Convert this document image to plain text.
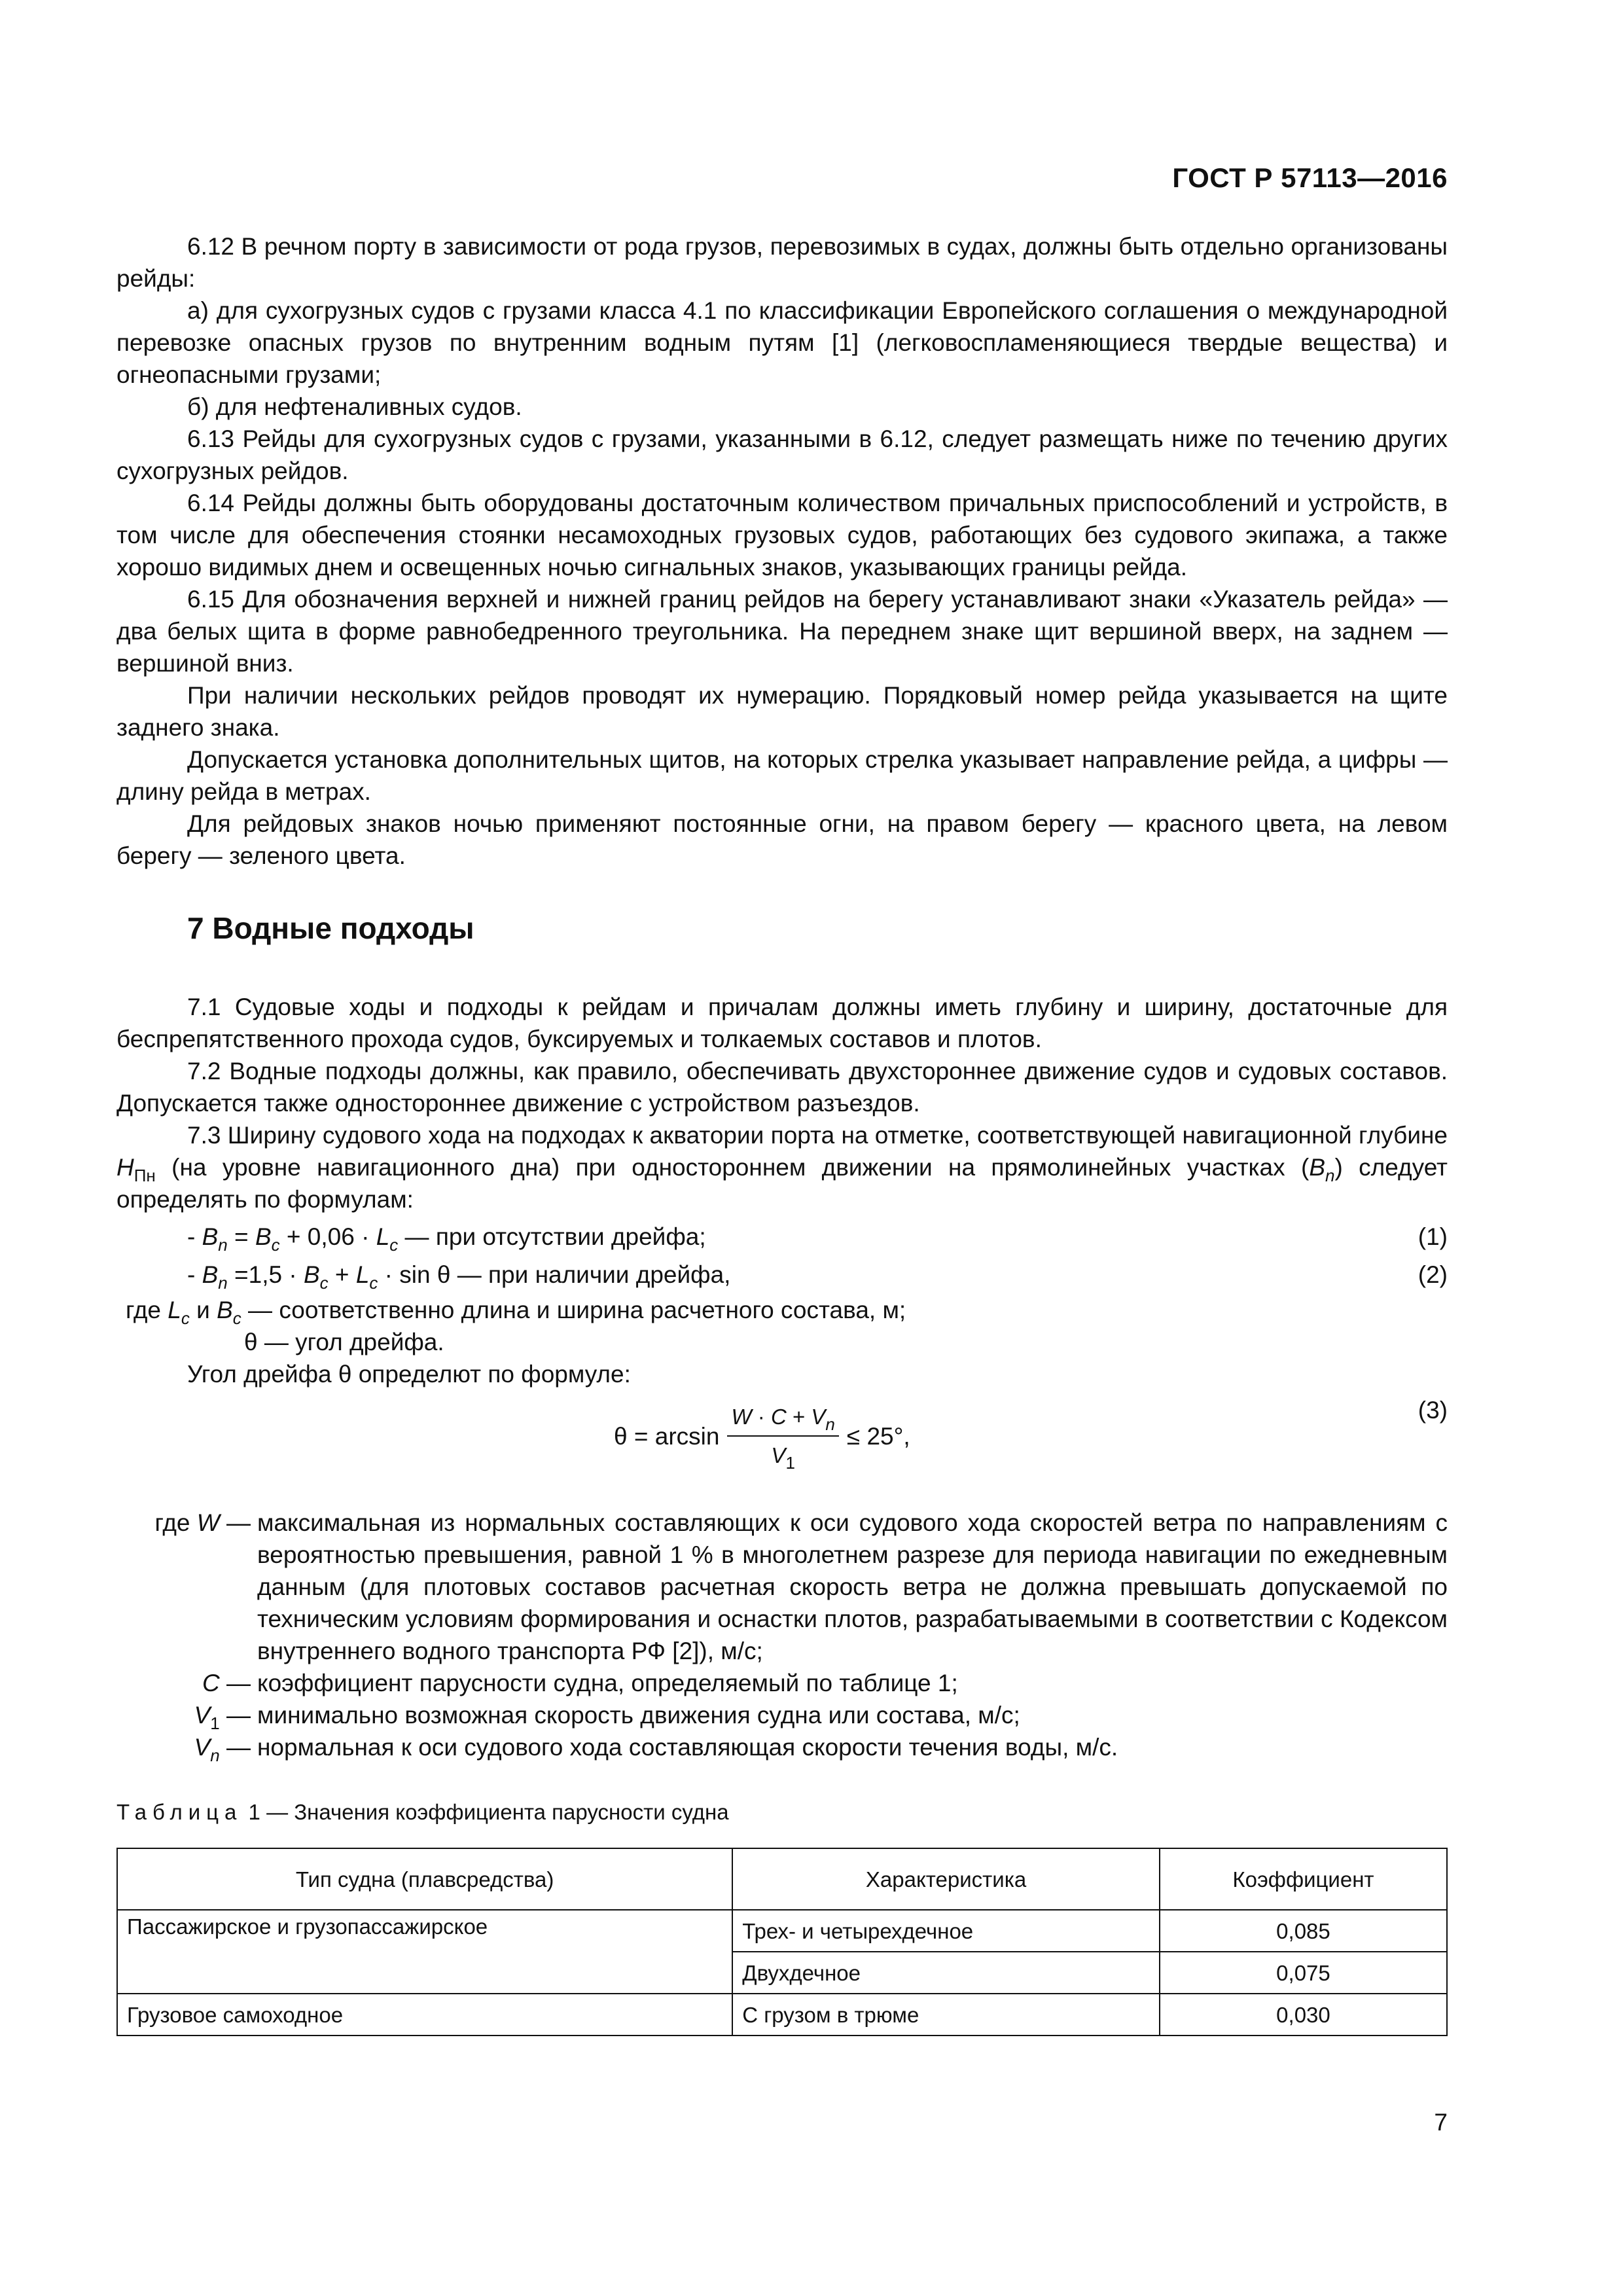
ГОСТ Р 57113—2016

6.12 В речном порту в зависимости от рода грузов, перевозимых в судах, должны быть отдельно организованы рейды:

а) для сухогрузных судов с грузами класса 4.1 по классификации Европейского соглашения о международной перевозке опасных грузов по внутренним водным путям [1] (легковоспламеняющиеся твердые вещества) и огнеопасными грузами;

б) для нефтеналивных судов.

6.13 Рейды для сухогрузных судов с грузами, указанными в 6.12, следует размещать ниже по течению других сухогрузных рейдов.

6.14 Рейды должны быть оборудованы достаточным количеством причальных приспособлений и устройств, в том числе для обеспечения стоянки несамоходных грузовых судов, работающих без судового экипажа, а также хорошо видимых днем и освещенных ночью сигнальных знаков, указывающих границы рейда.

6.15 Для обозначения верхней и нижней границ рейдов на берегу устанавливают знаки «Указатель рейда» — два белых щита в форме равнобедренного треугольника. На переднем знаке щит вершиной вверх, на заднем — вершиной вниз.

При наличии нескольких рейдов проводят их нумерацию. Порядковый номер рейда указывается на щите заднего знака.

Допускается установка дополнительных щитов, на которых стрелка указывает направление рейда, а цифры — длину рейда в метрах.

Для рейдовых знаков ночью применяют постоянные огни, на правом берегу — красного цвета, на левом берегу — зеленого цвета.

7 Водные подходы

7.1 Судовые ходы и подходы к рейдам и причалам должны иметь глубину и ширину, достаточные для беспрепятственного прохода судов, буксируемых и толкаемых составов и плотов.

7.2 Водные подходы должны, как правило, обеспечивать двухстороннее движение судов и судовых составов. Допускается также одностороннее движение с устройством разъездов.

7.3 Ширину судового хода на подходах к акватории порта на отметке, соответствующей навигационной глубине $H_{Пн}$ (на уровне навигационного дна) при одностороннем движении на прямолинейных участках $(B_n)$ следует определять по формулам:

- $B_n = B_c + 0,06 \cdot L_c$ — при отсутствии дрейфа;	(1)
- $B_n =1,5 \cdot B_c + L_c \cdot \sin \theta$ — при наличии дрейфа,	(2)

где $L_c$ и $B_c$ — соответственно длина и ширина расчетного состава, м;

θ — угол дрейфа.

Угол дрейфа θ определют по формуле:

$\theta = \arcsin \frac{W \cdot C + V_n}{V_1} \le 25^\circ$,
(3)
где W — максимальная из нормальных составляющих к оси судового хода скоростей ветра по направлениям с вероятностью превышения, равной 1 % в многолетнем разрезе для периода навигации по ежедневным данным (для плотовых составов расчетная скорость ветра не должна превышать допускаемой по техническим условиям формирования и оснастки плотов, разрабатываемыми в соответствии с Кодексом внутреннего водного транспорта РФ [2]), м/с;
C — коэффициент парусности судна, определяемый по таблице 1;
$V_1$ — минимально возможная скорость движения судна или состава, м/с;
$V_n$ — нормальная к оси судового хода составляющая скорости течения воды, м/с.
Таблица 1 — Значения коэффициента парусности судна
Тип судна (плавсредства)	Характеристика	Коэффициент
Пассажирское и грузопассажирское	Трех- и четырехдечное	0,085
	Двухдечное	0,075
Грузовое самоходное	С грузом в трюме	0,030
7
